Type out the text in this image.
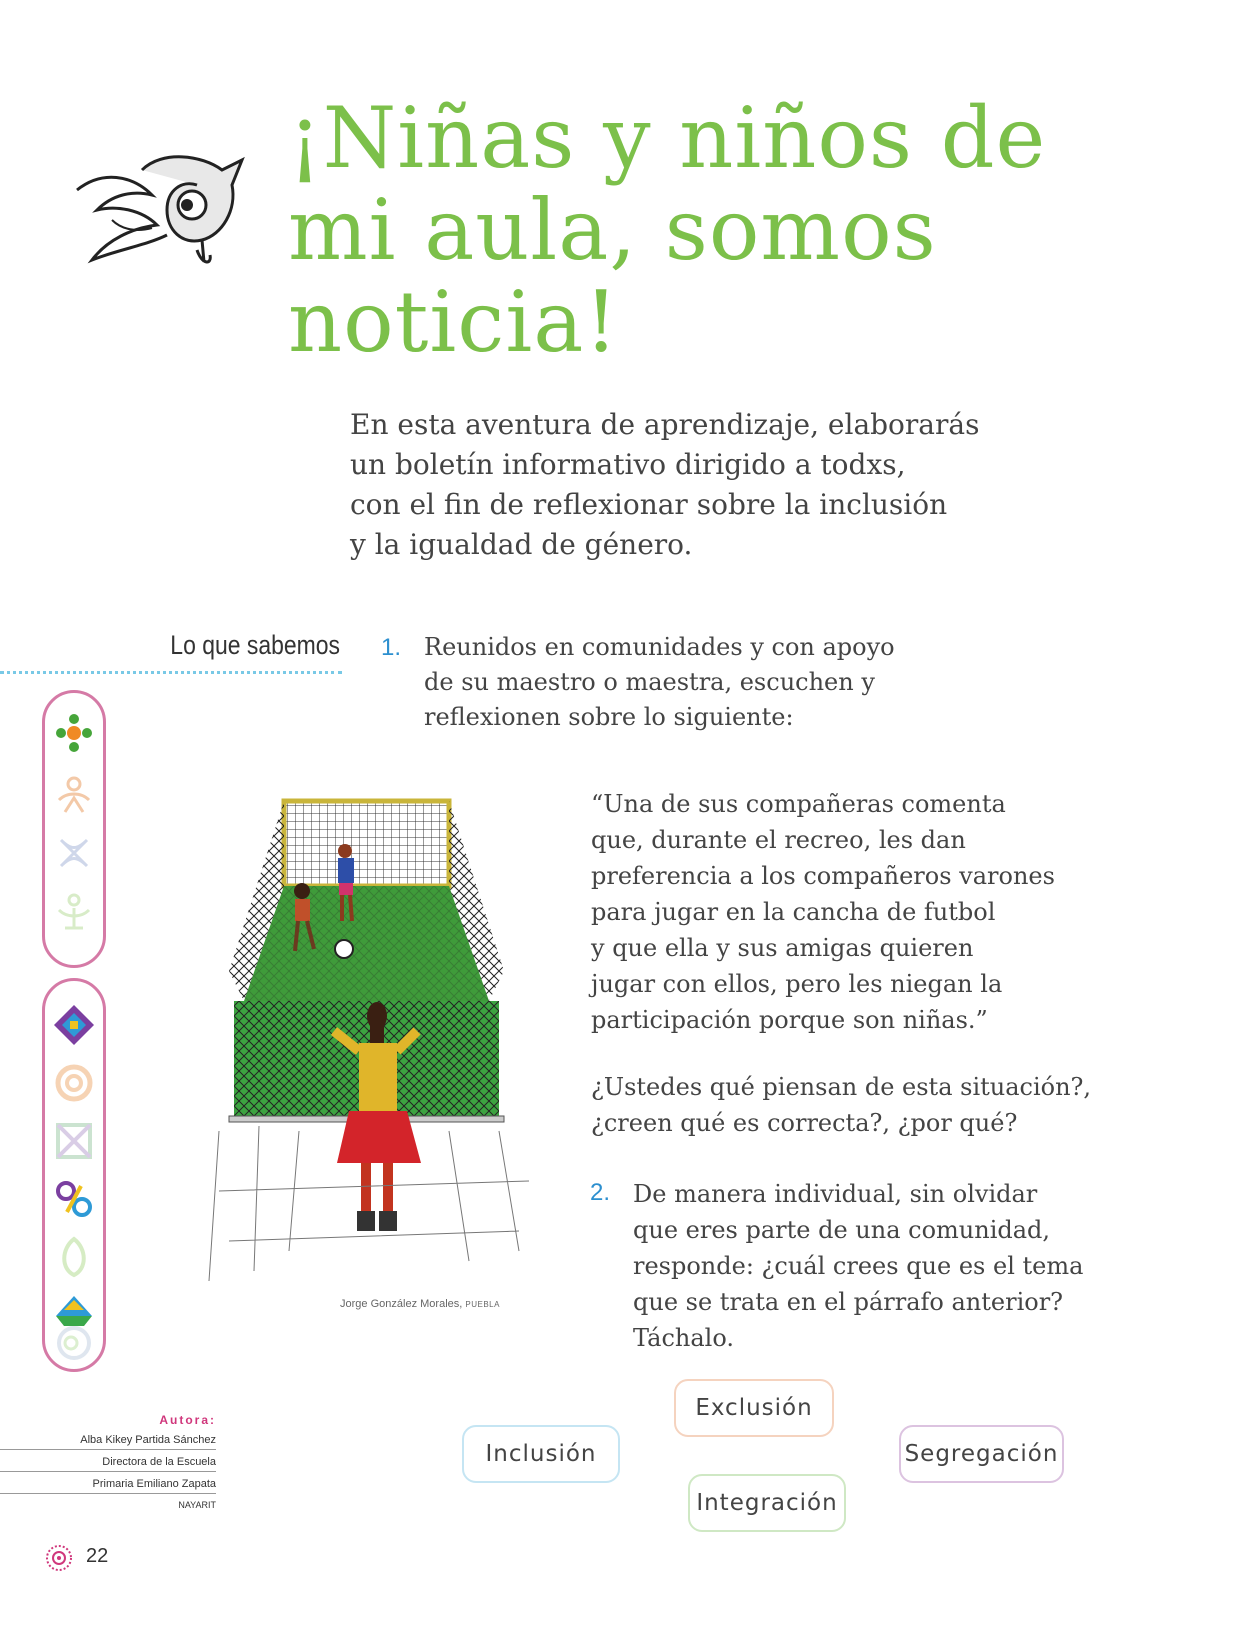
¡Niñas y niños de
mi aula, somos
noticia!
En esta aventura de aprendizaje, elaborarás
un boletín informativo dirigido a todxs,
con el fin de reflexionar sobre la inclusión
y la igualdad de género.
Lo que sabemos 1. Reunidos en comunidades y con apoyo
de su maestro o maestra, escuchen y
reflexionen sobre lo siguiente:
Jorge González Morales, PUEBLA
“Una de sus compañeras comenta
que, durante el recreo, les dan
preferencia a los compañeros varones
para jugar en la cancha de futbol
y que ella y sus amigas quieren
jugar con ellos, pero les niegan la
participación porque son niñas.”
¿Ustedes qué piensan de esta situación?,
¿creen qué es correcta?, ¿por qué?
2. De manera individual, sin olvidar
que eres parte de una comunidad,
responde: ¿cuál crees que es el tema
que se trata en el párrafo anterior?
Táchalo.
Exclusión
Inclusión	Segregación
Integración
Autora:
Alba Kikey Partida Sánchez
Directora de la Escuela
Primaria Emiliano Zapata
NAYARIT
22
